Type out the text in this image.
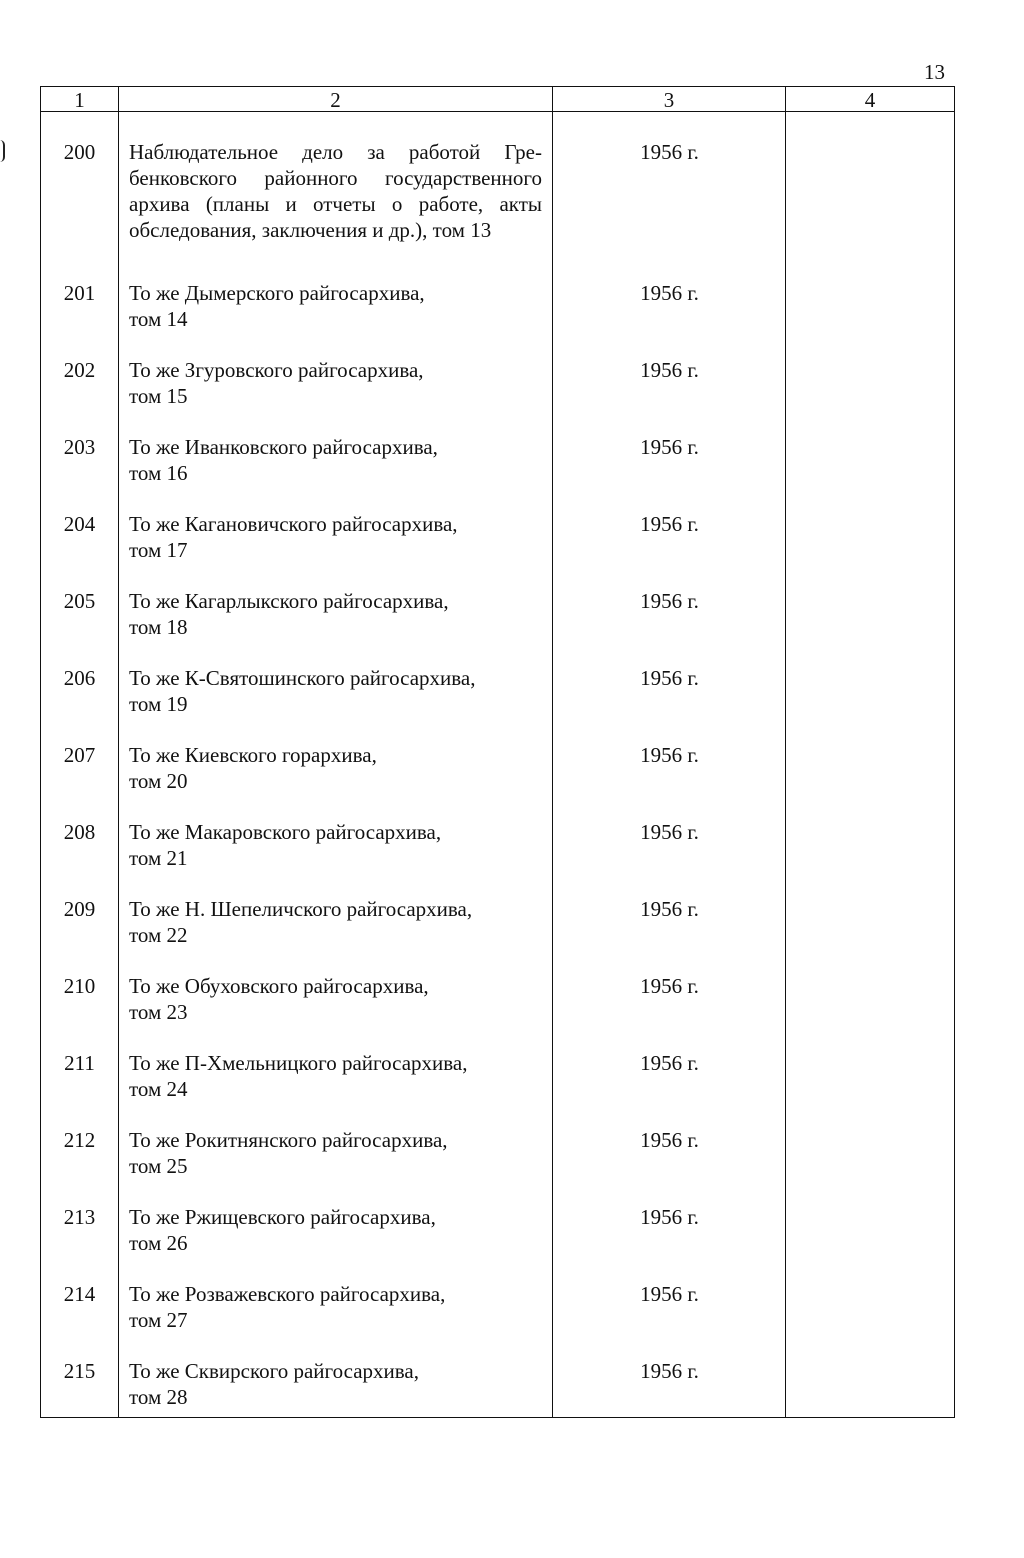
13
1	2	3	4
200	Наблюдательное дело за работой Гре-
бенковского районного государственного
архива (планы и отчеты о работе, акты
обследования, заключения и др.), том 13
1956 г.
201	То же Дымерского райгосархива,
том 14
1956 г.
202	То же Згуровского райгосархива,
том 15
1956 г.
203	То же Иванковского райгосархива,
том 16
1956 г.
204	То же Кагановичского райгосархива,
том 17
1956 г.
205	То же Кагарлыкского райгосархива,
том 18
1956 г.
206	То же К-Святошинского райгосархива,
том 19
1956 г.
207	То же Киевского горархива,
том 20
1956 г.
208	То же Макаровского райгосархива,
том 21
1956 г.
209	То же Н. Шепеличского райгосархива,
том 22
1956 г.
210	То же Обуховского райгосархива,
том 23
1956 г.
211	То же П-Хмельницкого райгосархива,
том 24
1956 г.
212	То же Рокитнянского райгосархива,
том 25
1956 г.
213	То же Ржищевского райгосархива,
том 26
1956 г.
214	То же Розважевского райгосархива,
том 27
1956 г.
215	То же Сквирского райгосархива,
том 28
1956 г.
